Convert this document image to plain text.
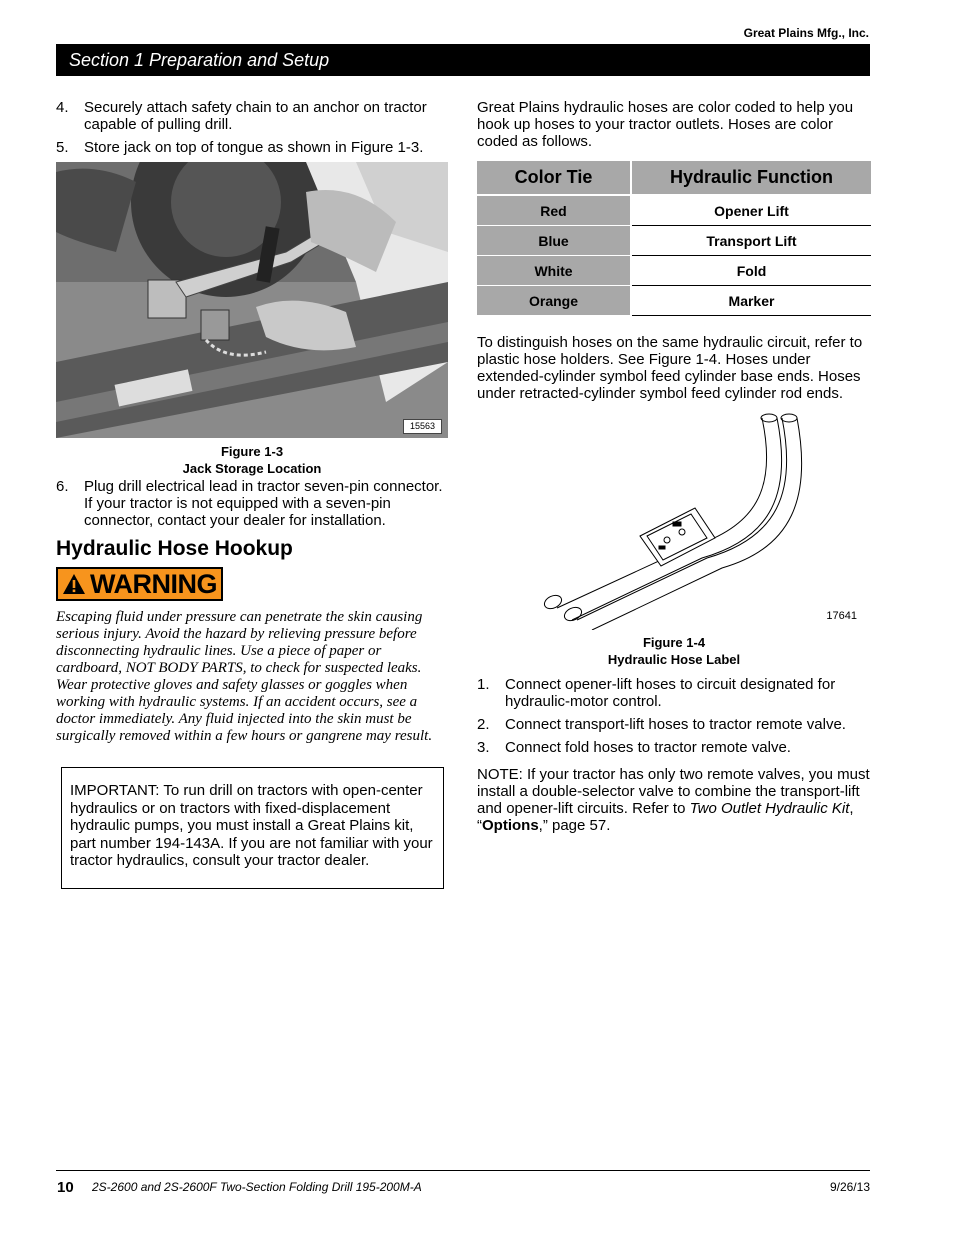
Great Plains Mfg., Inc.
Section 1 Preparation and Setup
4.	Securely attach safety chain to an anchor on tractor capable of pulling drill.
5.	Store jack on top of tongue as shown in Figure 1-3.
15563
Figure 1-3
Jack Storage Location
6.	Plug drill electrical lead in tractor seven-pin connector. If your tractor is not equipped with a seven-pin connector, contact your dealer for installation.
Hydraulic Hose Hookup
WARNING
Escaping fluid under pressure can penetrate the skin causing serious injury. Avoid the hazard by relieving pressure before disconnecting hydraulic lines. Use a piece of paper or cardboard, NOT BODY PARTS, to check for suspected leaks. Wear protective gloves and safety glasses or goggles when working with hydraulic systems. If an accident occurs, see a doctor immediately. Any fluid injected into the skin must be surgically removed within a few hours or gangrene may result.
IMPORTANT: To run drill on tractors with open-center hydraulics or on tractors with fixed-displacement hydraulic pumps, you must install a Great Plains kit, part number 194-143A. If you are not familiar with your tractor hydraulics, consult your tractor dealer.
Great Plains hydraulic hoses are color coded to help you hook up hoses to your tractor outlets. Hoses are color coded as follows.
Color Tie	Hydraulic Function
Red	Opener Lift
Blue	Transport Lift
White	Fold
Orange	Marker
To distinguish hoses on the same hydraulic circuit, refer to plastic hose holders. See Figure 1-4. Hoses under extended-cylinder symbol feed cylinder base ends. Hoses under retracted-cylinder symbol feed cylinder rod ends.
17641
Figure 1-4
Hydraulic Hose Label
1.	Connect opener-lift hoses to circuit designated for hydraulic-motor control.
2.	Connect transport-lift hoses to tractor remote valve.
3.	Connect fold hoses to tractor remote valve.
NOTE: If your tractor has only two remote valves, you must install a double-selector valve to combine the transport-lift and opener-lift circuits. Refer to Two Outlet Hydraulic Kit, “Options,” page 57.
10 2S-2600 and 2S-2600F Two-Section Folding Drill 195-200M-A	9/26/13
